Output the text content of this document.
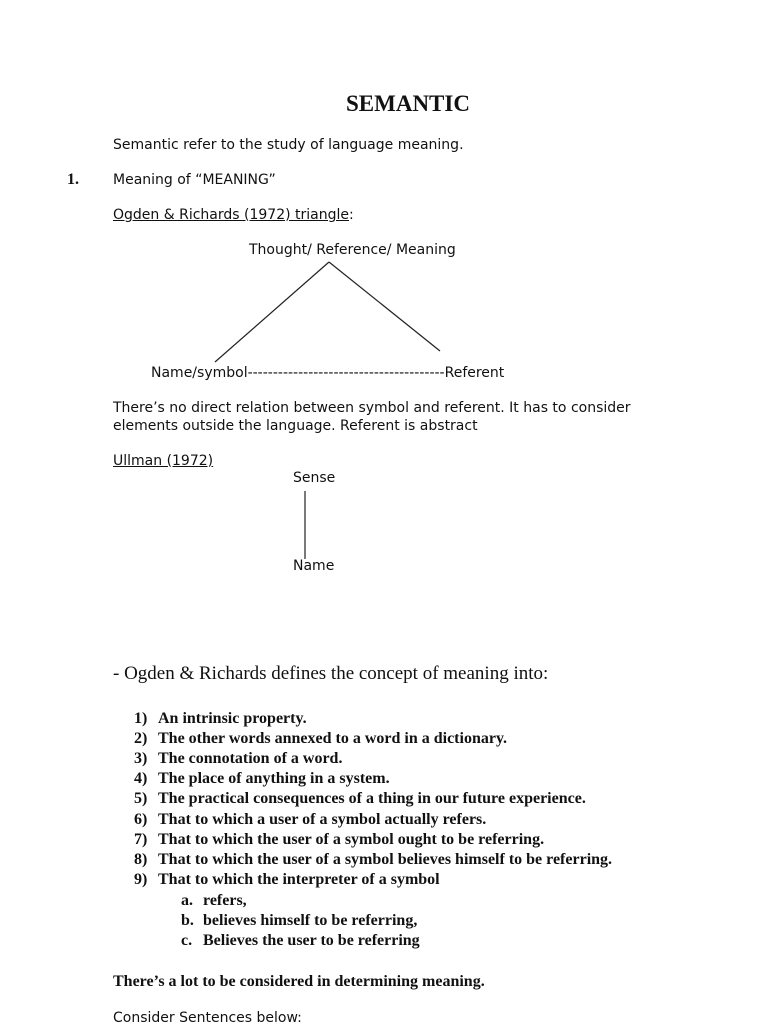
SEMANTIC
Semantic refer to the study of language meaning.
1. Meaning of “MEANING”
Ogden & Richards (1972) triangle:
Thought/ Reference/ Meaning
Name/symbol---------------------------------------Referent
There’s no direct relation between symbol and referent. It has to consider
elements outside the language. Referent is abstract
Ullman (1972)
Sense
Name
- Ogden & Richards defines the concept of meaning into:
1) An intrinsic property.
2) The other words annexed to a word in a dictionary.
3) The connotation of a word.
4) The place of anything in a system.
5) The practical consequences of a thing in our future experience.
6) That to which a user of a symbol actually refers.
7) That to which the user of a symbol ought to be referring.
8) That to which the user of a symbol believes himself to be referring.
9) That to which the interpreter of a symbol
a. refers,
b. believes himself to be referring,
c. Believes the user to be referring
There’s a lot to be considered in determining meaning.
Consider Sentences below:
